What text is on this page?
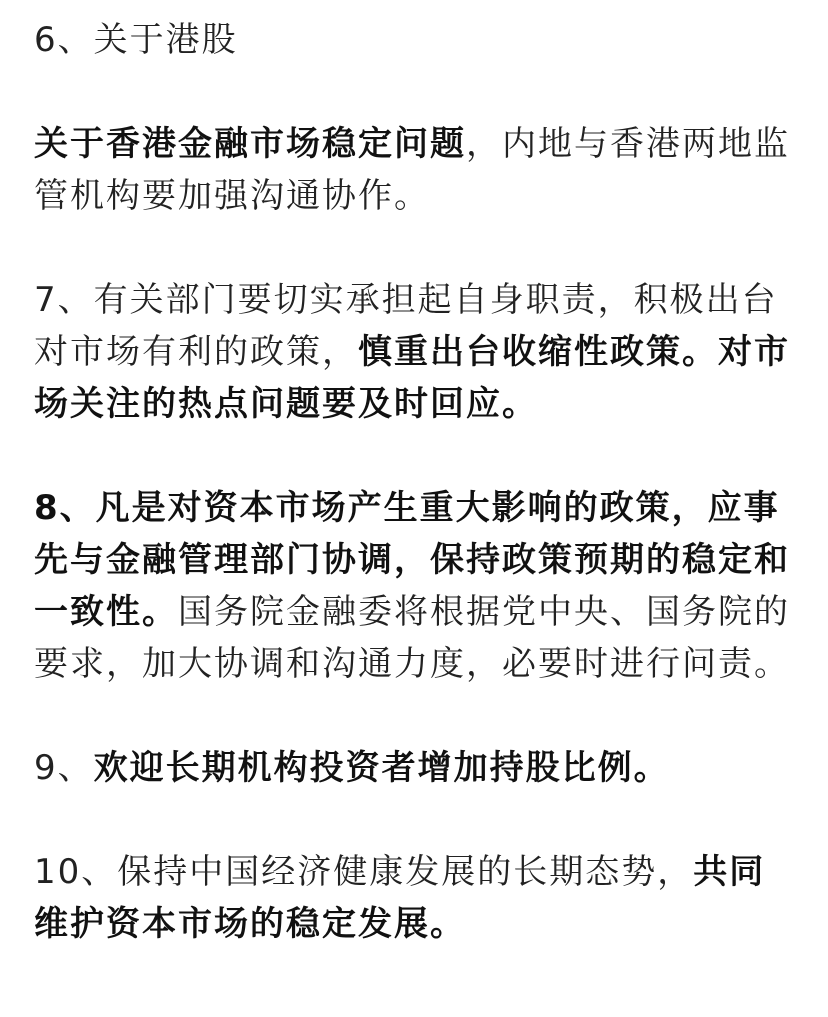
6、关于港股

关于香港金融市场稳定问题，内地与香港两地监管机构要加强沟通协作。

7、有关部门要切实承担起自身职责，积极出台对市场有利的政策，慎重出台收缩性政策。对市场关注的热点问题要及时回应。

8、凡是对资本市场产生重大影响的政策，应事先与金融管理部门协调，保持政策预期的稳定和一致性。国务院金融委将根据党中央、国务院的要求，加大协调和沟通力度，必要时进行问责。

9、欢迎长期机构投资者增加持股比例。

10、保持中国经济健康发展的长期态势，共同维护资本市场的稳定发展。
